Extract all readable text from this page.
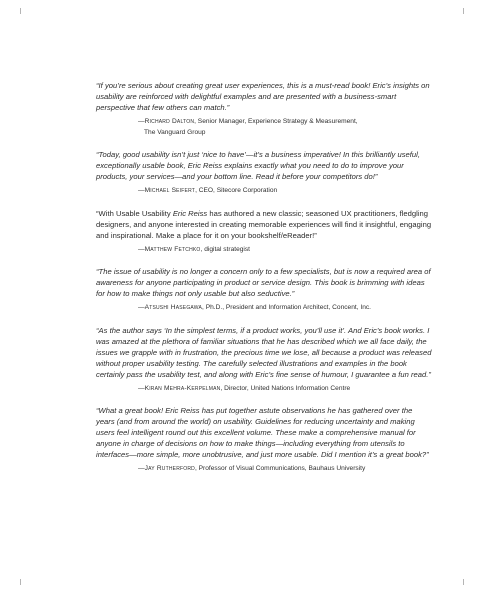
“If you’re serious about creating great user experiences, this is a must-read book! Eric’s insights on usability are reinforced with delightful examples and are presented with a business-smart perspective that few others can match.”

—Richard Dalton, Senior Manager, Experience Strategy & Measurement,
The Vanguard Group

“Today, good usability isn’t just ‘nice to have’—it’s a business imperative! In this brilliantly useful, exceptionally usable book, Eric Reiss explains exactly what you need to do to improve your products, your services—and your bottom line. Read it before your competitors do!”

—Michael Seifert, CEO, Sitecore Corporation

“With Usable Usability Eric Reiss has authored a new classic; seasoned UX practitioners, fledgling designers, and anyone interested in creating memorable experiences will find it insightful, engaging and inspirational. Make a place for it on your bookshelf/eReader!”

—Matthew Fetchko, digital strategist

“The issue of usability is no longer a concern only to a few specialists, but is now a required area of awareness for anyone participating in product or service design. This book is brimming with ideas for how to make things not only usable but also seductive.”

—Atsushi Hasegawa, Ph.D., President and Information Architect, Concent, Inc.

“As the author says ‘In the simplest terms, if a product works, you’ll use it’. And Eric’s book works. I was amazed at the plethora of familiar situations that he has described which we all face daily, the issues we grapple with in frustration, the precious time we lose, all because a product was released without proper usability testing. The carefully selected illustrations and examples in the book certainly pass the usability test, and along with Eric’s fine sense of humour, I guarantee a fun read.”

—Kiran Mehra-Kerpelman, Director, United Nations Information Centre

“What a great book! Eric Reiss has put together astute observations he has gathered over the years (and from around the world) on usability. Guidelines for reducing uncertainty and making users feel intelligent round out this excellent volume. These make a comprehensive manual for anyone in charge of decisions on how to make things—including everything from utensils to interfaces—more simple, more unobtrusive, and just more usable. Did I mention it’s a great book?”

—Jay Rutherford, Professor of Visual Communications, Bauhaus University
